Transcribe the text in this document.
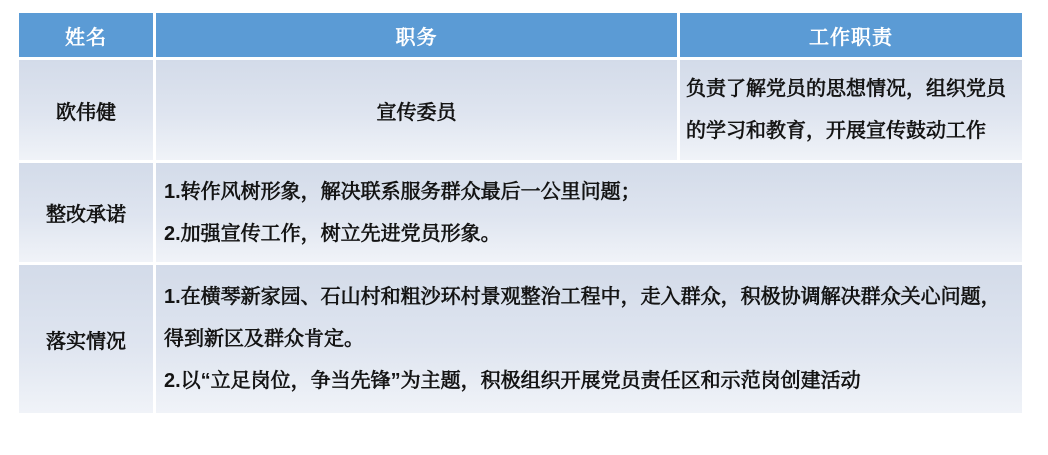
姓名	职务	工作职责
欧伟健	宣传委员	负责了解党员的思想情况，组织党员
的学习和教育，开展宣传鼓动工作

整改承诺	1.转作风树形象，解决联系服务群众最后一公里问题；
2.加强宣传工作，树立先进党员形象。	

落实情况	1.在横琴新家园、石山村和粗沙环村景观整治工程中，走入群众，积极协调解决群众关心问题，
得到新区及群众肯定。
2.以“立足岗位，争当先锋”为主题，积极组织开展党员责任区和示范岗创建活动	
